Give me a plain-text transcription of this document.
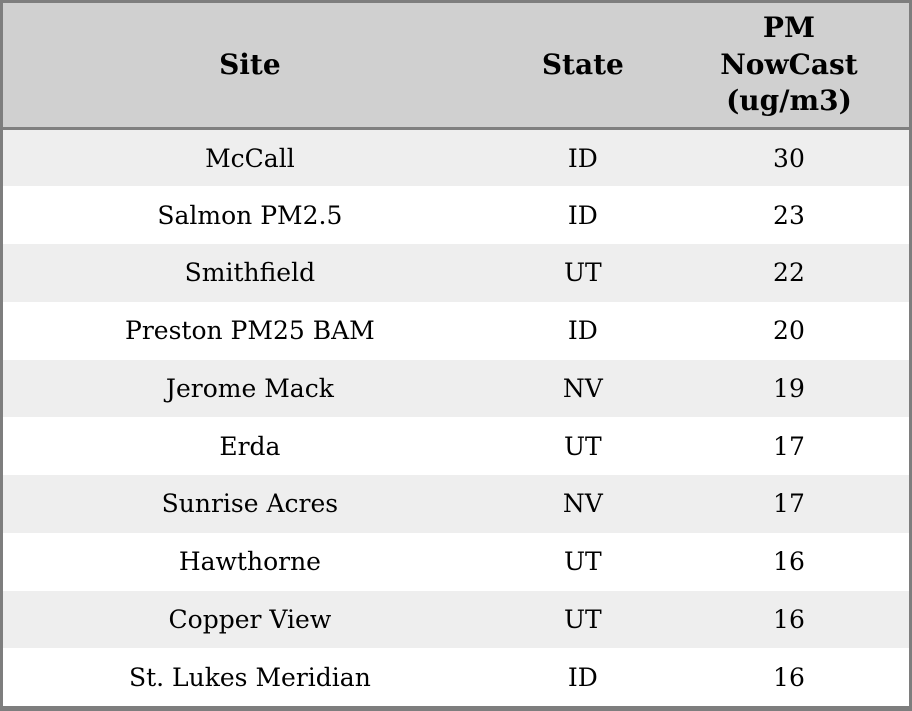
Site	State	PM
NowCast
(ug/m3)

McCall	ID	30
Salmon PM2.5	ID	23
Smithfield	UT	22
Preston PM25 BAM	ID	20
Jerome Mack	NV	19
Erda	UT	17
Sunrise Acres	NV	17
Hawthorne	UT	16
Copper View	UT	16
St. Lukes Meridian	ID	16
